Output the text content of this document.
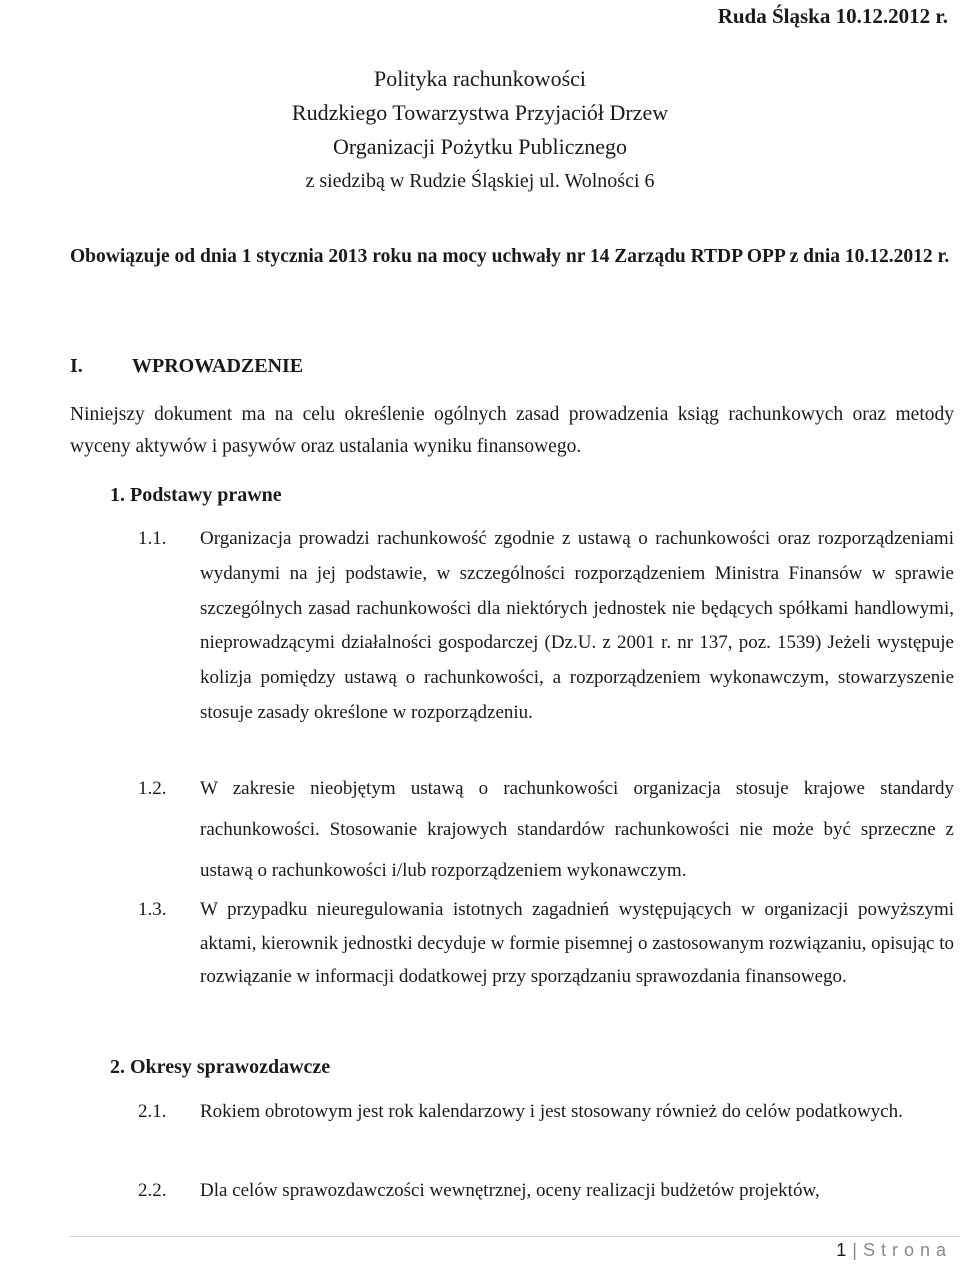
Ruda Śląska 10.12.2012 r.
Polityka rachunkowości
Rudzkiego Towarzystwa Przyjaciół Drzew
Organizacji Pożytku Publicznego
z siedzibą w Rudzie Śląskiej ul. Wolności 6
Obowiązuje od dnia 1 stycznia 2013 roku na mocy uchwały nr 14 Zarządu RTDP OPP z dnia 10.12.2012 r.
I. WPROWADZENIE
Niniejszy dokument ma na celu określenie ogólnych zasad prowadzenia ksiąg rachunkowych oraz metody wyceny aktywów i pasywów oraz ustalania wyniku finansowego.
1. Podstawy prawne
1.1.	Organizacja prowadzi rachunkowość zgodnie z ustawą o rachunkowości oraz rozporządzeniami wydanymi na jej podstawie, w szczególności rozporządzeniem Ministra Finansów w sprawie szczególnych zasad rachunkowości dla niektórych jednostek nie będących spółkami handlowymi, nieprowadzącymi działalności gospodarczej (Dz.U. z 2001 r. nr 137, poz. 1539) Jeżeli występuje kolizja pomiędzy ustawą o rachunkowości, a rozporządzeniem wykonawczym, stowarzyszenie stosuje zasady określone w rozporządzeniu.
1.2.	W zakresie nieobjętym ustawą o rachunkowości organizacja stosuje krajowe standardy rachunkowości. Stosowanie krajowych standardów rachunkowości nie może być sprzeczne z ustawą o rachunkowości i/lub rozporządzeniem wykonawczym.
1.3.	W przypadku nieuregulowania istotnych zagadnień występujących w organizacji powyższymi aktami, kierownik jednostki decyduje w formie pisemnej o zastosowanym rozwiązaniu, opisując to rozwiązanie w informacji dodatkowej przy sporządzaniu sprawozdania finansowego.
2. Okresy sprawozdawcze
2.1.	Rokiem obrotowym jest rok kalendarzowy i jest stosowany również do celów podatkowych.
2.2.	Dla celów sprawozdawczości wewnętrznej, oceny realizacji budżetów projektów,
1 | Strona
